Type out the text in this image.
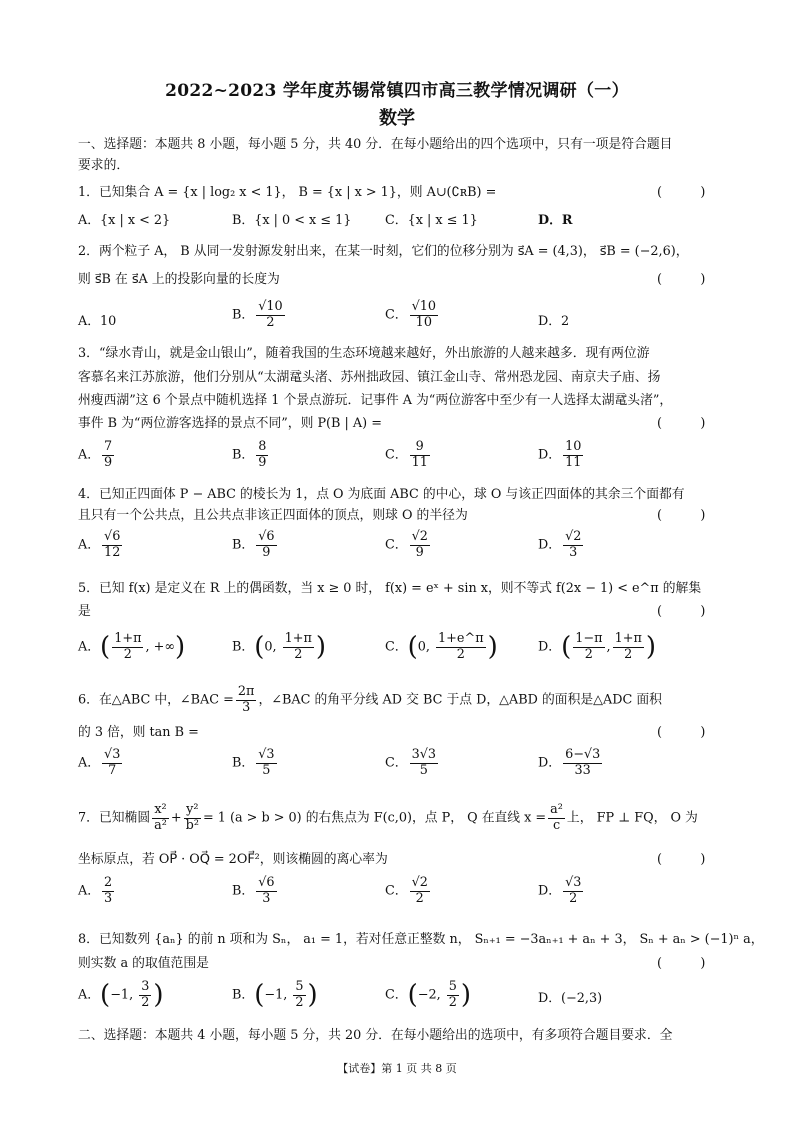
2022~2023 学年度苏锡常镇四市高三教学情况调研（一）
数学
一、选择题：本题共 8 小题，每小题 5 分，共 40 分．在每小题给出的四个选项中，只有一项是符合题目
要求的．
1．已知集合 A = {x | log₂ x < 1}， B = {x | x > 1}，则 A∪(∁ʀB) =	(　　　)
A．{x | x < 2}	B．{x | 0 < x ≤ 1}	C．{x | x ≤ 1}	D．R
2．两个粒子 A， B 从同一发射源发射出来，在某一时刻，它们的位移分别为 s⃗A = (4,3)， s⃗B = (−2,6)，
则 s⃗B 在 s⃗A 上的投影向量的长度为	(　　　)
A．10	B． $\frac{√10}{2}$	C． $\frac{√10}{10}$	D．2
3．“绿水青山，就是金山银山”，随着我国的生态环境越来越好，外出旅游的人越来越多．现有两位游
客慕名来江苏旅游，他们分别从“太湖鼋头渚、苏州拙政园、镇江金山寺、常州恐龙园、南京夫子庙、扬
州瘦西湖”这 6 个景点中随机选择 1 个景点游玩．记事件 A 为“两位游客中至少有一人选择太湖鼋头渚”，
事件 B 为“两位游客选择的景点不同”，则 P(B | A) =	(　　　)
A． $\frac{7}{9}$	B． $\frac{8}{9}$	C． $\frac{9}{11}$	D． $\frac{10}{11}$
4．已知正四面体 P − ABC 的棱长为 1，点 O 为底面 ABC 的中心，球 O 与该正四面体的其余三个面都有
且只有一个公共点，且公共点非该正四面体的顶点，则球 O 的半径为	(　　　)
A． $\frac{√6}{12}$	B． $\frac{√6}{9}$	C． $\frac{√2}{9}$	D． $\frac{√2}{3}$
5．已知 f(x) 是定义在 R 上的偶函数，当 x ≥ 0 时， f(x) = eˣ + sin x，则不等式 f(2x − 1) < e^π 的解集
是	(　　　)
A．( $\frac{1+\pi}{2}$ , +∞)	B．(0, $\frac{1+\pi}{2}$ )	C．(0, $\frac{1+e\^{}\pi}{2}$ )	D．( $\frac{1-\pi}{2}$ , $\frac{1+\pi}{2}$ )
6．在△ABC 中，∠BAC = $\frac{2\pi}{3}$ ，∠BAC 的角平分线 AD 交 BC 于点 D，△ABD 的面积是△ADC 面积
的 3 倍，则 tan B =	(　　　)
A． $\frac{√3}{7}$	B． $\frac{√3}{5}$	C． $\frac{3√3}{5}$	D． $\frac{6-√3}{33}$
7．已知椭圆 $\frac{\text{x²}}{\text{a²}} + \frac{\text{y²}}{\text{b²}} = 1$ (a > b > 0) 的右焦点为 F(c,0)，点 P， Q 在直线 $x = \frac{\text{a²}}{c}$ 上， FP ⊥ FQ， O 为
坐标原点，若 OP⃗ · OQ⃗ = 2OF⃗²，则该椭圆的离心率为	(　　　)
A． $\frac{2}{3}$	B． $\frac{√6}{3}$	C． $\frac{√2}{2}$	D． $\frac{√3}{2}$
8．已知数列 {aₙ} 的前 n 项和为 Sₙ， a₁ = 1，若对任意正整数 n， Sₙ₊₁ = −3aₙ₊₁ + aₙ + 3， Sₙ + aₙ > (−1)ⁿ a，
则实数 a 的取值范围是	(　　　)
A．(−1, $\frac{3}{2}$ )	B．(−1, $\frac{5}{2}$ )	C．(−2, $\frac{5}{2}$ )	D．(−2,3)
二、选择题：本题共 4 小题，每小题 5 分，共 20 分．在每小题给出的选项中，有多项符合题目要求．全
【试卷】第 1 页 共 8 页
